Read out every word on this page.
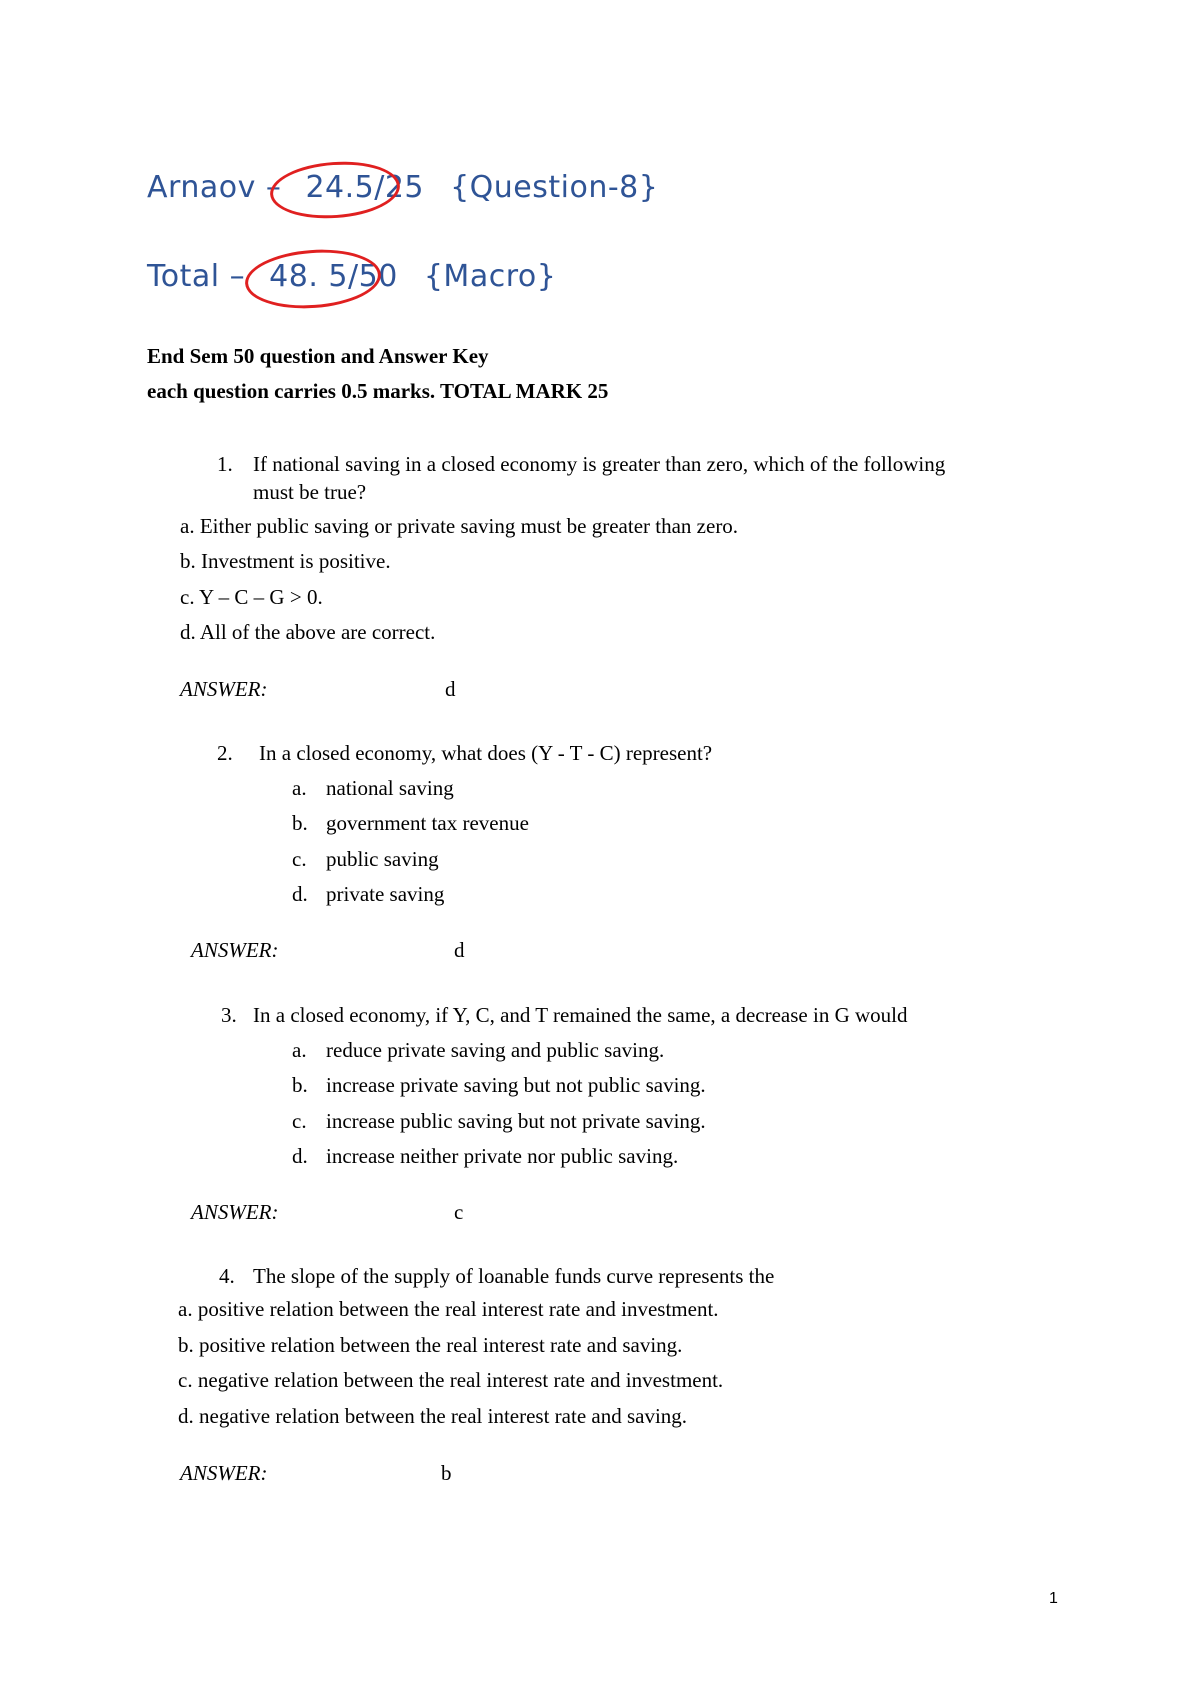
Arnaov – 24.5/25 {Question-8}
Total – 48. 5/50 {Macro}
End Sem 50 question and Answer Key
each question carries 0.5 marks. TOTAL MARK 25
1. If national saving in a closed economy is greater than zero, which of the following
must be true?
a. Either public saving or private saving must be greater than zero.
b. Investment is positive.
c. Y – C – G > 0.
d. All of the above are correct.
ANSWER:	d
2. In a closed economy, what does (Y - T - C) represent?
a. national saving
b. government tax revenue
c. public saving
d. private saving
ANSWER:	d
3. In a closed economy, if Y, C, and T remained the same, a decrease in G would
a. reduce private saving and public saving.
b. increase private saving but not public saving.
c. increase public saving but not private saving.
d. increase neither private nor public saving.
ANSWER:	c
4. The slope of the supply of loanable funds curve represents the
a. positive relation between the real interest rate and investment.
b. positive relation between the real interest rate and saving.
c. negative relation between the real interest rate and investment.
d. negative relation between the real interest rate and saving.
ANSWER:	b
1
